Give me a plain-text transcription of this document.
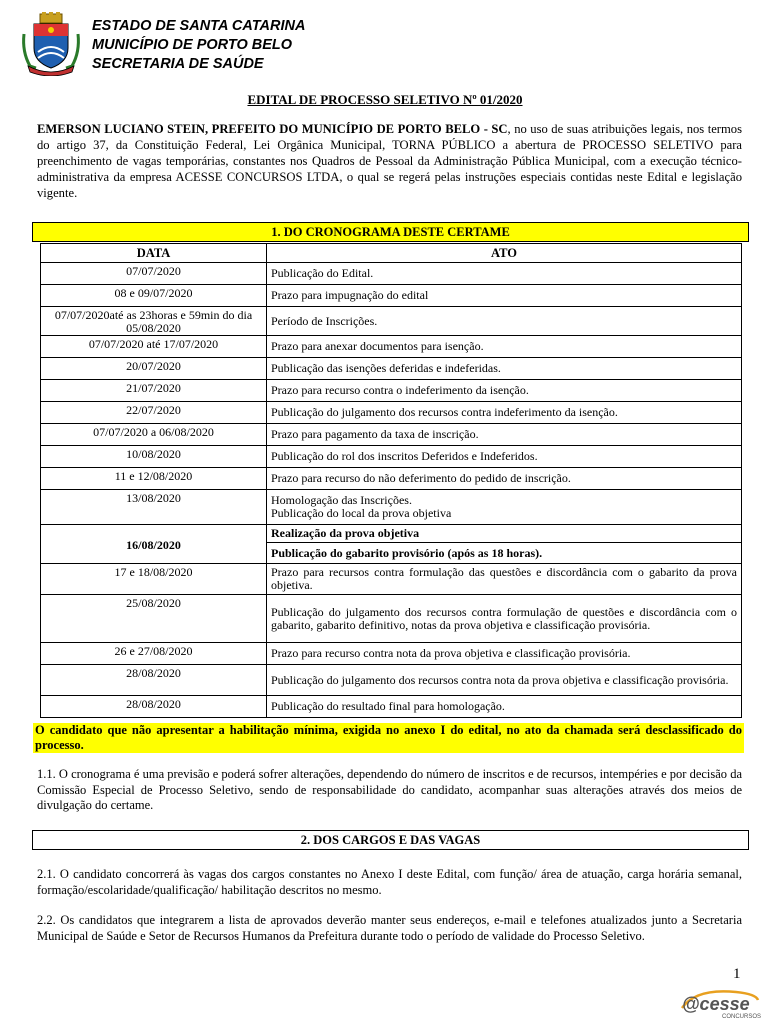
ESTADO DE SANTA CATARINA
MUNICÍPIO DE PORTO BELO
SECRETARIA DE SAÚDE
EDITAL DE PROCESSO SELETIVO Nº 01/2020
EMERSON LUCIANO STEIN, PREFEITO DO MUNICÍPIO DE PORTO BELO - SC, no uso de suas atribuições legais, nos termos do artigo 37, da Constituição Federal, Lei Orgânica Municipal, TORNA PÚBLICO a abertura de PROCESSO SELETIVO para preenchimento de vagas temporárias, constantes nos Quadros de Pessoal da Administração Pública Municipal, com a execução técnico-administrativa da empresa ACESSE CONCURSOS LTDA, o qual se regerá pelas instruções especiais contidas neste Edital e legislação vigente.
1. DO CRONOGRAMA DESTE CERTAME
DATA	ATO
07/07/2020	Publicação do Edital.
08 e 09/07/2020	Prazo para impugnação do edital
07/07/2020até as 23horas e 59min do dia 05/08/2020	Período de Inscrições.
07/07/2020 até 17/07/2020	Prazo para anexar documentos para isenção.
20/07/2020	Publicação das isenções deferidas e indeferidas.
21/07/2020	Prazo para recurso contra o indeferimento da isenção.
22/07/2020	Publicação do julgamento dos recursos contra indeferimento da isenção.
07/07/2020 a 06/08/2020	Prazo para pagamento da taxa de inscrição.
10/08/2020	Publicação do rol dos inscritos Deferidos e Indeferidos.
11 e 12/08/2020	Prazo para recurso do não deferimento do pedido de inscrição.
13/08/2020	Homologação das Inscrições.
Publicação do local da prova objetiva

16/08/2020	Realização da prova objetiva
	Publicação do gabarito provisório (após as 18 horas).
17 e 18/08/2020	Prazo para recursos contra formulação das questões e discordância com o gabarito da prova objetiva.
25/08/2020	Publicação do julgamento dos recursos contra formulação de questões e discordância com o gabarito, gabarito definitivo, notas da prova objetiva e classificação provisória.
26 e 27/08/2020	Prazo para recurso contra nota da prova objetiva e classificação provisória.
28/08/2020	Publicação do julgamento dos recursos contra nota da prova objetiva e classificação provisória.
28/08/2020	Publicação do resultado final para homologação.
O candidato que não apresentar a habilitação mínima, exigida no anexo I do edital, no ato da chamada será desclassificado do processo.
1.1. O cronograma é uma previsão e poderá sofrer alterações, dependendo do número de inscritos e de recursos, intempéries e por decisão da Comissão Especial de Processo Seletivo, sendo de responsabilidade do candidato, acompanhar suas alterações através dos meios de divulgação do certame.
2. DOS CARGOS E DAS VAGAS
2.1. O candidato concorrerá às vagas dos cargos constantes no Anexo I deste Edital, com função/ área de atuação, carga horária semanal, formação/escolaridade/qualificação/ habilitação descritos no mesmo.
2.2. Os candidatos que integrarem a lista de aprovados deverão manter seus endereços, e-mail e telefones atualizados junto a Secretaria Municipal de Saúde e Setor de Recursos Humanos da Prefeitura durante todo o período de validade do Processo Seletivo.
1
@cesse
CONCURSOS
